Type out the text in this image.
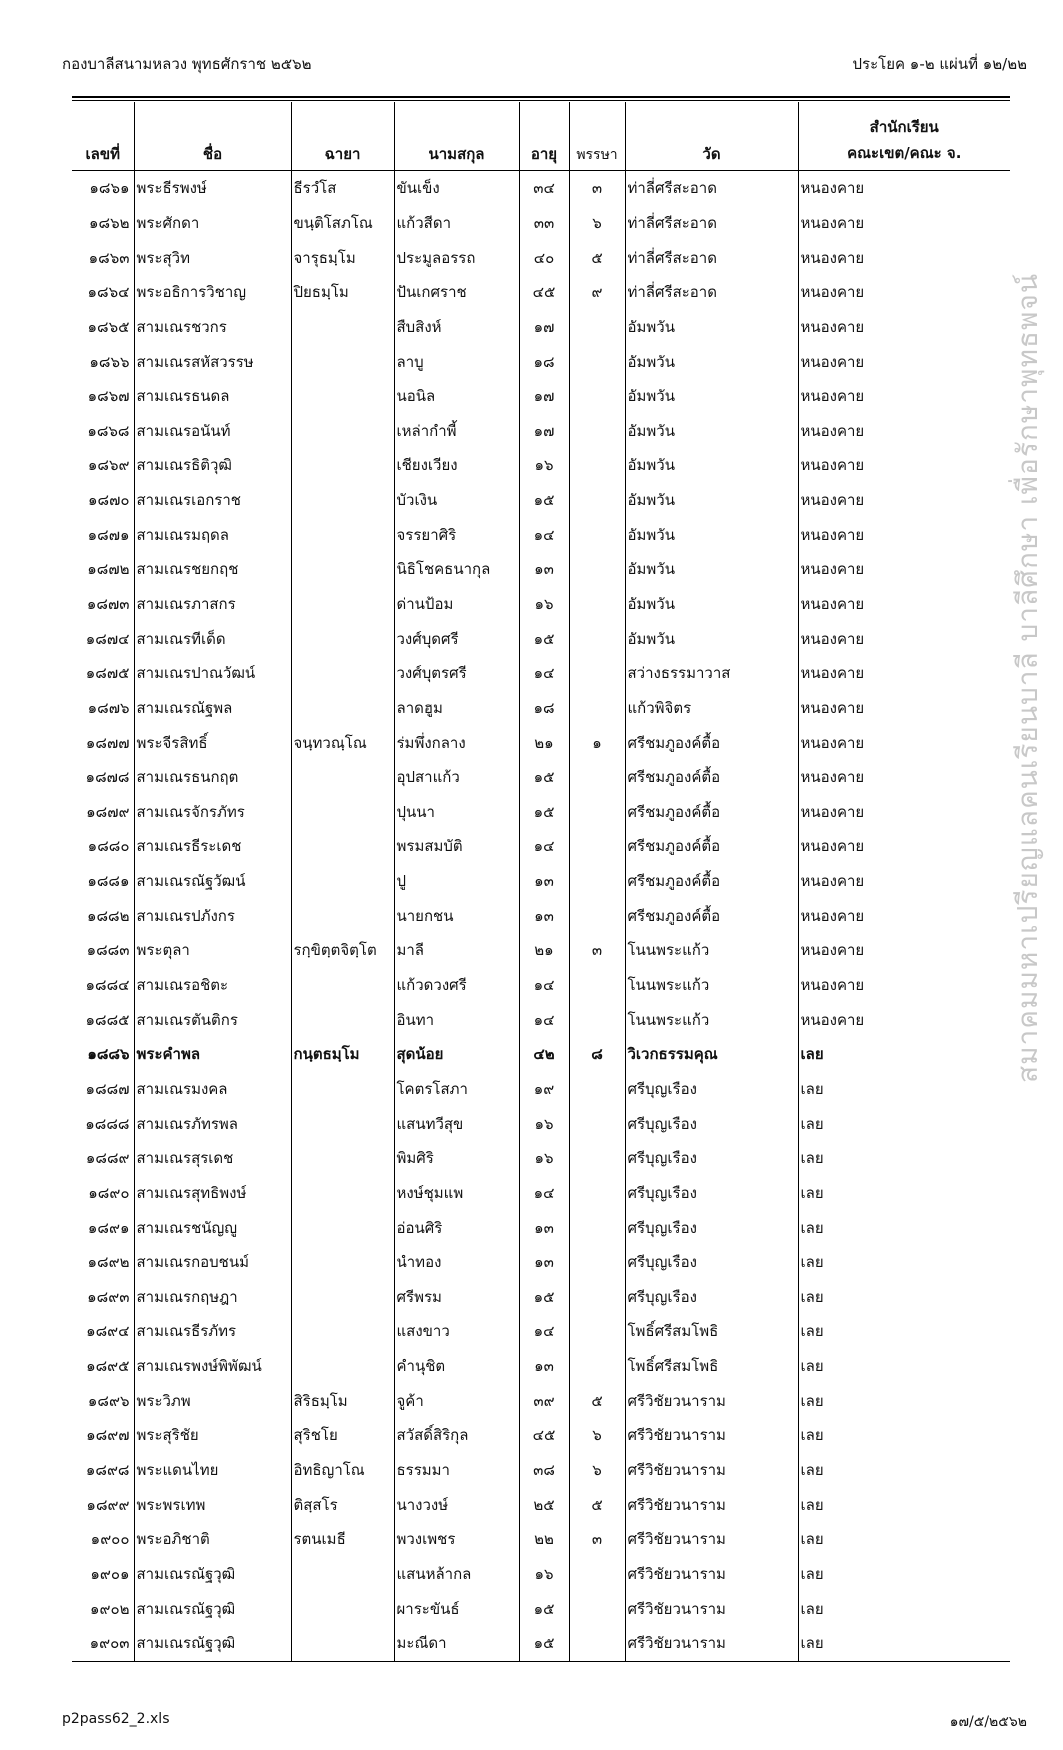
กองบาลีสนามหลวง พุทธศักราช ๒๕๖๒	ประโยค ๑-๒ แผ่นที่ ๑๒/๒๒
เลขที่	ชื่อ	ฉายา	นามสกุล	อายุ	พรรษา	วัด	สำนักเรียน
คณะเขต/คณะ จ.

๑๘๖๑	พระธีรพงษ์	ธีรวํโส	ขันเข็ง	๓๔	๓	ท่าลี่ศรีสะอาด	หนองคาย
๑๘๖๒	พระศักดา	ขนฺติโสภโณ	แก้วสีดา	๓๓	๖	ท่าลี่ศรีสะอาด	หนองคาย
๑๘๖๓	พระสุวิท	จารุธมฺโม	ประมูลอรรถ	๔๐	๕	ท่าลี่ศรีสะอาด	หนองคาย
๑๘๖๔	พระอธิการวิชาญ	ปิยธมฺโม	ปันเกศราช	๔๕	๙	ท่าลี่ศรีสะอาด	หนองคาย
๑๘๖๕	สามเณรชวกร		สืบสิงห์	๑๗		อัมพวัน	หนองคาย
๑๘๖๖	สามเณรสหัสวรรษ		ลาบู	๑๘		อัมพวัน	หนองคาย
๑๘๖๗	สามเณรธนดล		นอนิล	๑๗		อัมพวัน	หนองคาย
๑๘๖๘	สามเณรอนันท์		เหล่ากำพี้	๑๗		อัมพวัน	หนองคาย
๑๘๖๙	สามเณรธิติวุฒิ		เชียงเวียง	๑๖		อัมพวัน	หนองคาย
๑๘๗๐	สามเณรเอกราช		บัวเงิน	๑๕		อัมพวัน	หนองคาย
๑๘๗๑	สามเณรมฤดล		จรรยาศิริ	๑๔		อัมพวัน	หนองคาย
๑๘๗๒	สามเณรชยกฤช		นิธิโชคธนากุล	๑๓		อัมพวัน	หนองคาย
๑๘๗๓	สามเณรภาสกร		ด่านป้อม	๑๖		อัมพวัน	หนองคาย
๑๘๗๔	สามเณรทีเด็ด		วงศ์บุดศรี	๑๕		อัมพวัน	หนองคาย
๑๘๗๕	สามเณรปาณวัฒน์		วงศ์บุตรศรี	๑๔		สว่างธรรมาวาส	หนองคาย
๑๘๗๖	สามเณรณัฐพล		ลาดฮูม	๑๘		แก้วพิจิตร	หนองคาย
๑๘๗๗	พระจีรสิทธิ์	จนฺทวณฺโณ	ร่มพึ่งกลาง	๒๑	๑	ศรีชมภูองค์ตื้อ	หนองคาย
๑๘๗๘	สามเณรธนกฤต		อุปสาแก้ว	๑๕		ศรีชมภูองค์ตื้อ	หนองคาย
๑๘๗๙	สามเณรจักรภัทร		ปุนนา	๑๕		ศรีชมภูองค์ตื้อ	หนองคาย
๑๘๘๐	สามเณรธีระเดช		พรมสมบัติ	๑๔		ศรีชมภูองค์ตื้อ	หนองคาย
๑๘๘๑	สามเณรณัฐวัฒน์		ปู	๑๓		ศรีชมภูองค์ตื้อ	หนองคาย
๑๘๘๒	สามเณรปภังกร		นายกชน	๑๓		ศรีชมภูองค์ตื้อ	หนองคาย
๑๘๘๓	พระตุลา	รกฺขิตฺตจิตฺโต	มาลี	๒๑	๓	โนนพระแก้ว	หนองคาย
๑๘๘๔	สามเณรอชิตะ		แก้วดวงศรี	๑๔		โนนพระแก้ว	หนองคาย
๑๘๘๕	สามเณรตันติกร		อินทา	๑๔		โนนพระแก้ว	หนองคาย
๑๘๘๖	พระคำพล	กนฺตธมฺโม	สุดน้อย	๔๒	๘	วิเวกธรรมคุณ	เลย
๑๘๘๗	สามเณรมงคล		โคตรโสภา	๑๙		ศรีบุญเรือง	เลย
๑๘๘๘	สามเณรภัทรพล		แสนทวีสุข	๑๖		ศรีบุญเรือง	เลย
๑๘๘๙	สามเณรสุรเดช		พิมศิริ	๑๖		ศรีบุญเรือง	เลย
๑๘๙๐	สามเณรสุทธิพงษ์		หงษ์ชุมแพ	๑๔		ศรีบุญเรือง	เลย
๑๘๙๑	สามเณรชนัญญู		อ่อนศิริ	๑๓		ศรีบุญเรือง	เลย
๑๘๙๒	สามเณรกอบชนม์		นำทอง	๑๓		ศรีบุญเรือง	เลย
๑๘๙๓	สามเณรกฤษฎา		ศรีพรม	๑๕		ศรีบุญเรือง	เลย
๑๘๙๔	สามเณรธีรภัทร		แสงขาว	๑๔		โพธิ์ศรีสมโพธิ	เลย
๑๘๙๕	สามเณรพงษ์พิพัฒน์		คำนุชิต	๑๓		โพธิ์ศรีสมโพธิ	เลย
๑๘๙๖	พระวิภพ	สิริธมฺโม	จูค้า	๓๙	๕	ศรีวิชัยวนาราม	เลย
๑๘๙๗	พระสุริชัย	สุริชโย	สวัสดิ์สิริกุล	๔๕	๖	ศรีวิชัยวนาราม	เลย
๑๘๙๘	พระแดนไทย	อิทธิญาโณ	ธรรมมา	๓๘	๖	ศรีวิชัยวนาราม	เลย
๑๘๙๙	พระพรเทพ	ติสฺสโร	นางวงษ์	๒๕	๕	ศรีวิชัยวนาราม	เลย
๑๙๐๐	พระอภิชาติ	รตนเมธี	พวงเพชร	๒๒	๓	ศรีวิชัยวนาราม	เลย
๑๙๐๑	สามเณรณัฐวุฒิ		แสนหล้ากล	๑๖		ศรีวิชัยวนาราม	เลย
๑๙๐๒	สามเณรณัฐวุฒิ		ผาระขันธ์	๑๕		ศรีวิชัยวนาราม	เลย
๑๙๐๓	สามเณรณัฐวุฒิ		มะณีดา	๑๕		ศรีวิชัยวนาราม	เลย
สมาคมมหาเปรียญแลคนเรียนบาลี บาลีศึกษา เพื่อรักษาพุทธพจน์
p2pass62_2.xls	๑๗/๕/๒๕๖๒
